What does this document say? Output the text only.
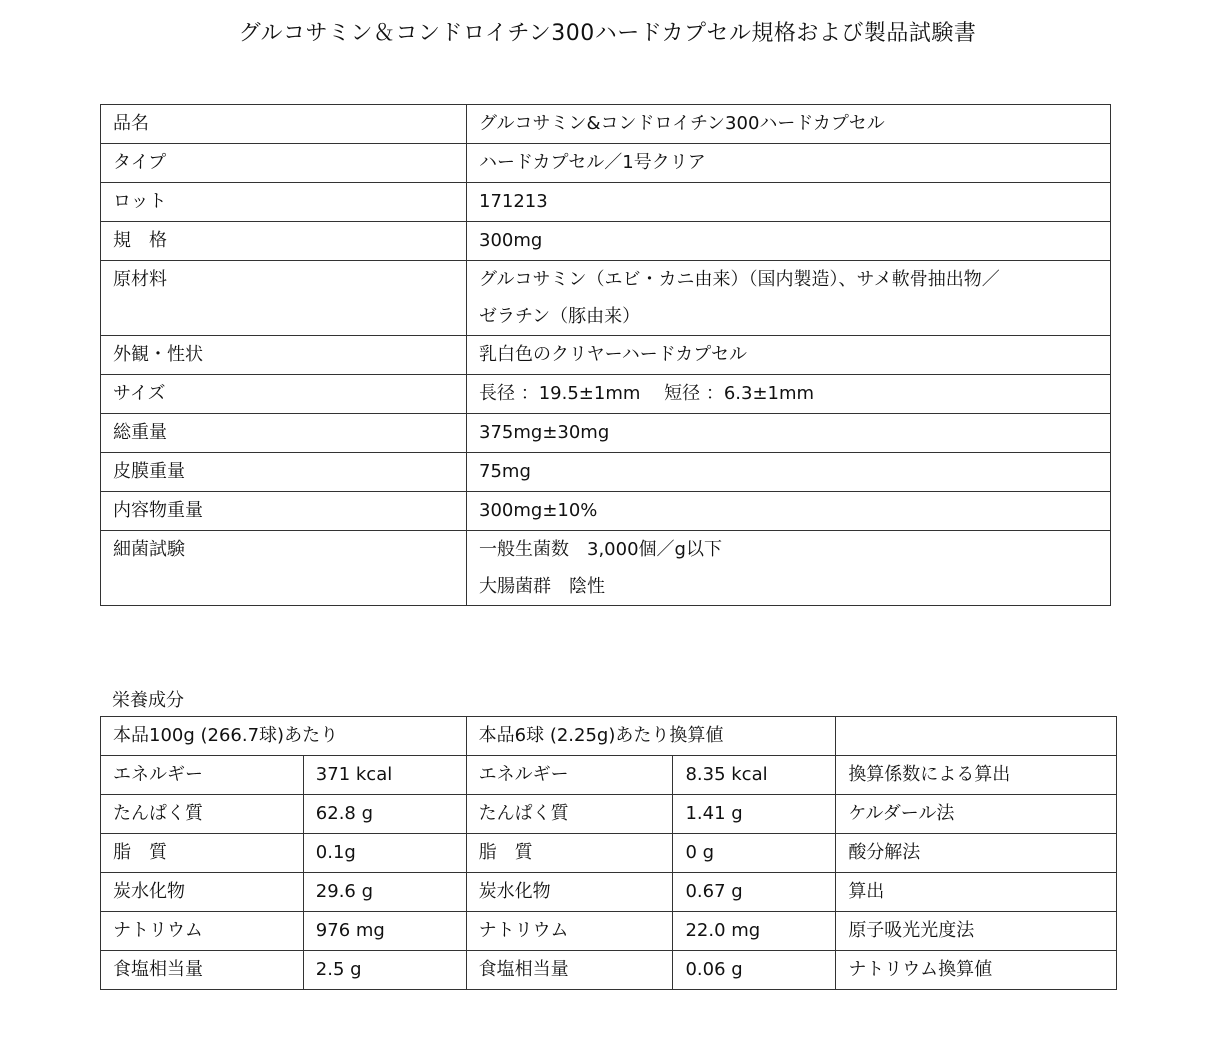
グルコサミン＆コンドロイチン300ハードカプセル規格および製品試験書
品名	グルコサミン&コンドロイチン300ハードカプセル

タイプ	ハードカプセル／1号クリア

ロット	171213

規　格	300mg

原材料	グルコサミン（エビ・カニ由来）（国内製造）、サメ軟骨抽出物／
ゼラチン（豚由来）

外観・性状	乳白色のクリヤーハードカプセル

サイズ	長径 ：19.5±1mm　 短径 ：6.3±1mm

総重量	375mg±30mg

皮膜重量	75mg

内容物重量	300mg±10%

細菌試験	一般生菌数　3,000個／g以下
大腸菌群　陰性
栄養成分
本品100g (266.7球)あたり		本品6球 (2.25g)あたり換算値		
エネルギー	371 kcal	エネルギー	8.35 kcal	換算係数による算出
たんぱく質	62.8 g	たんぱく質	1.41 g	ケルダール法
脂　質	0.1g	脂　質	0 g	酸分解法
炭水化物	29.6 g	炭水化物	0.67 g	算出
ナトリウム	976 mg	ナトリウム	22.0 mg	原子吸光光度法
食塩相当量	2.5 g	食塩相当量	0.06 g	ナトリウム換算値
